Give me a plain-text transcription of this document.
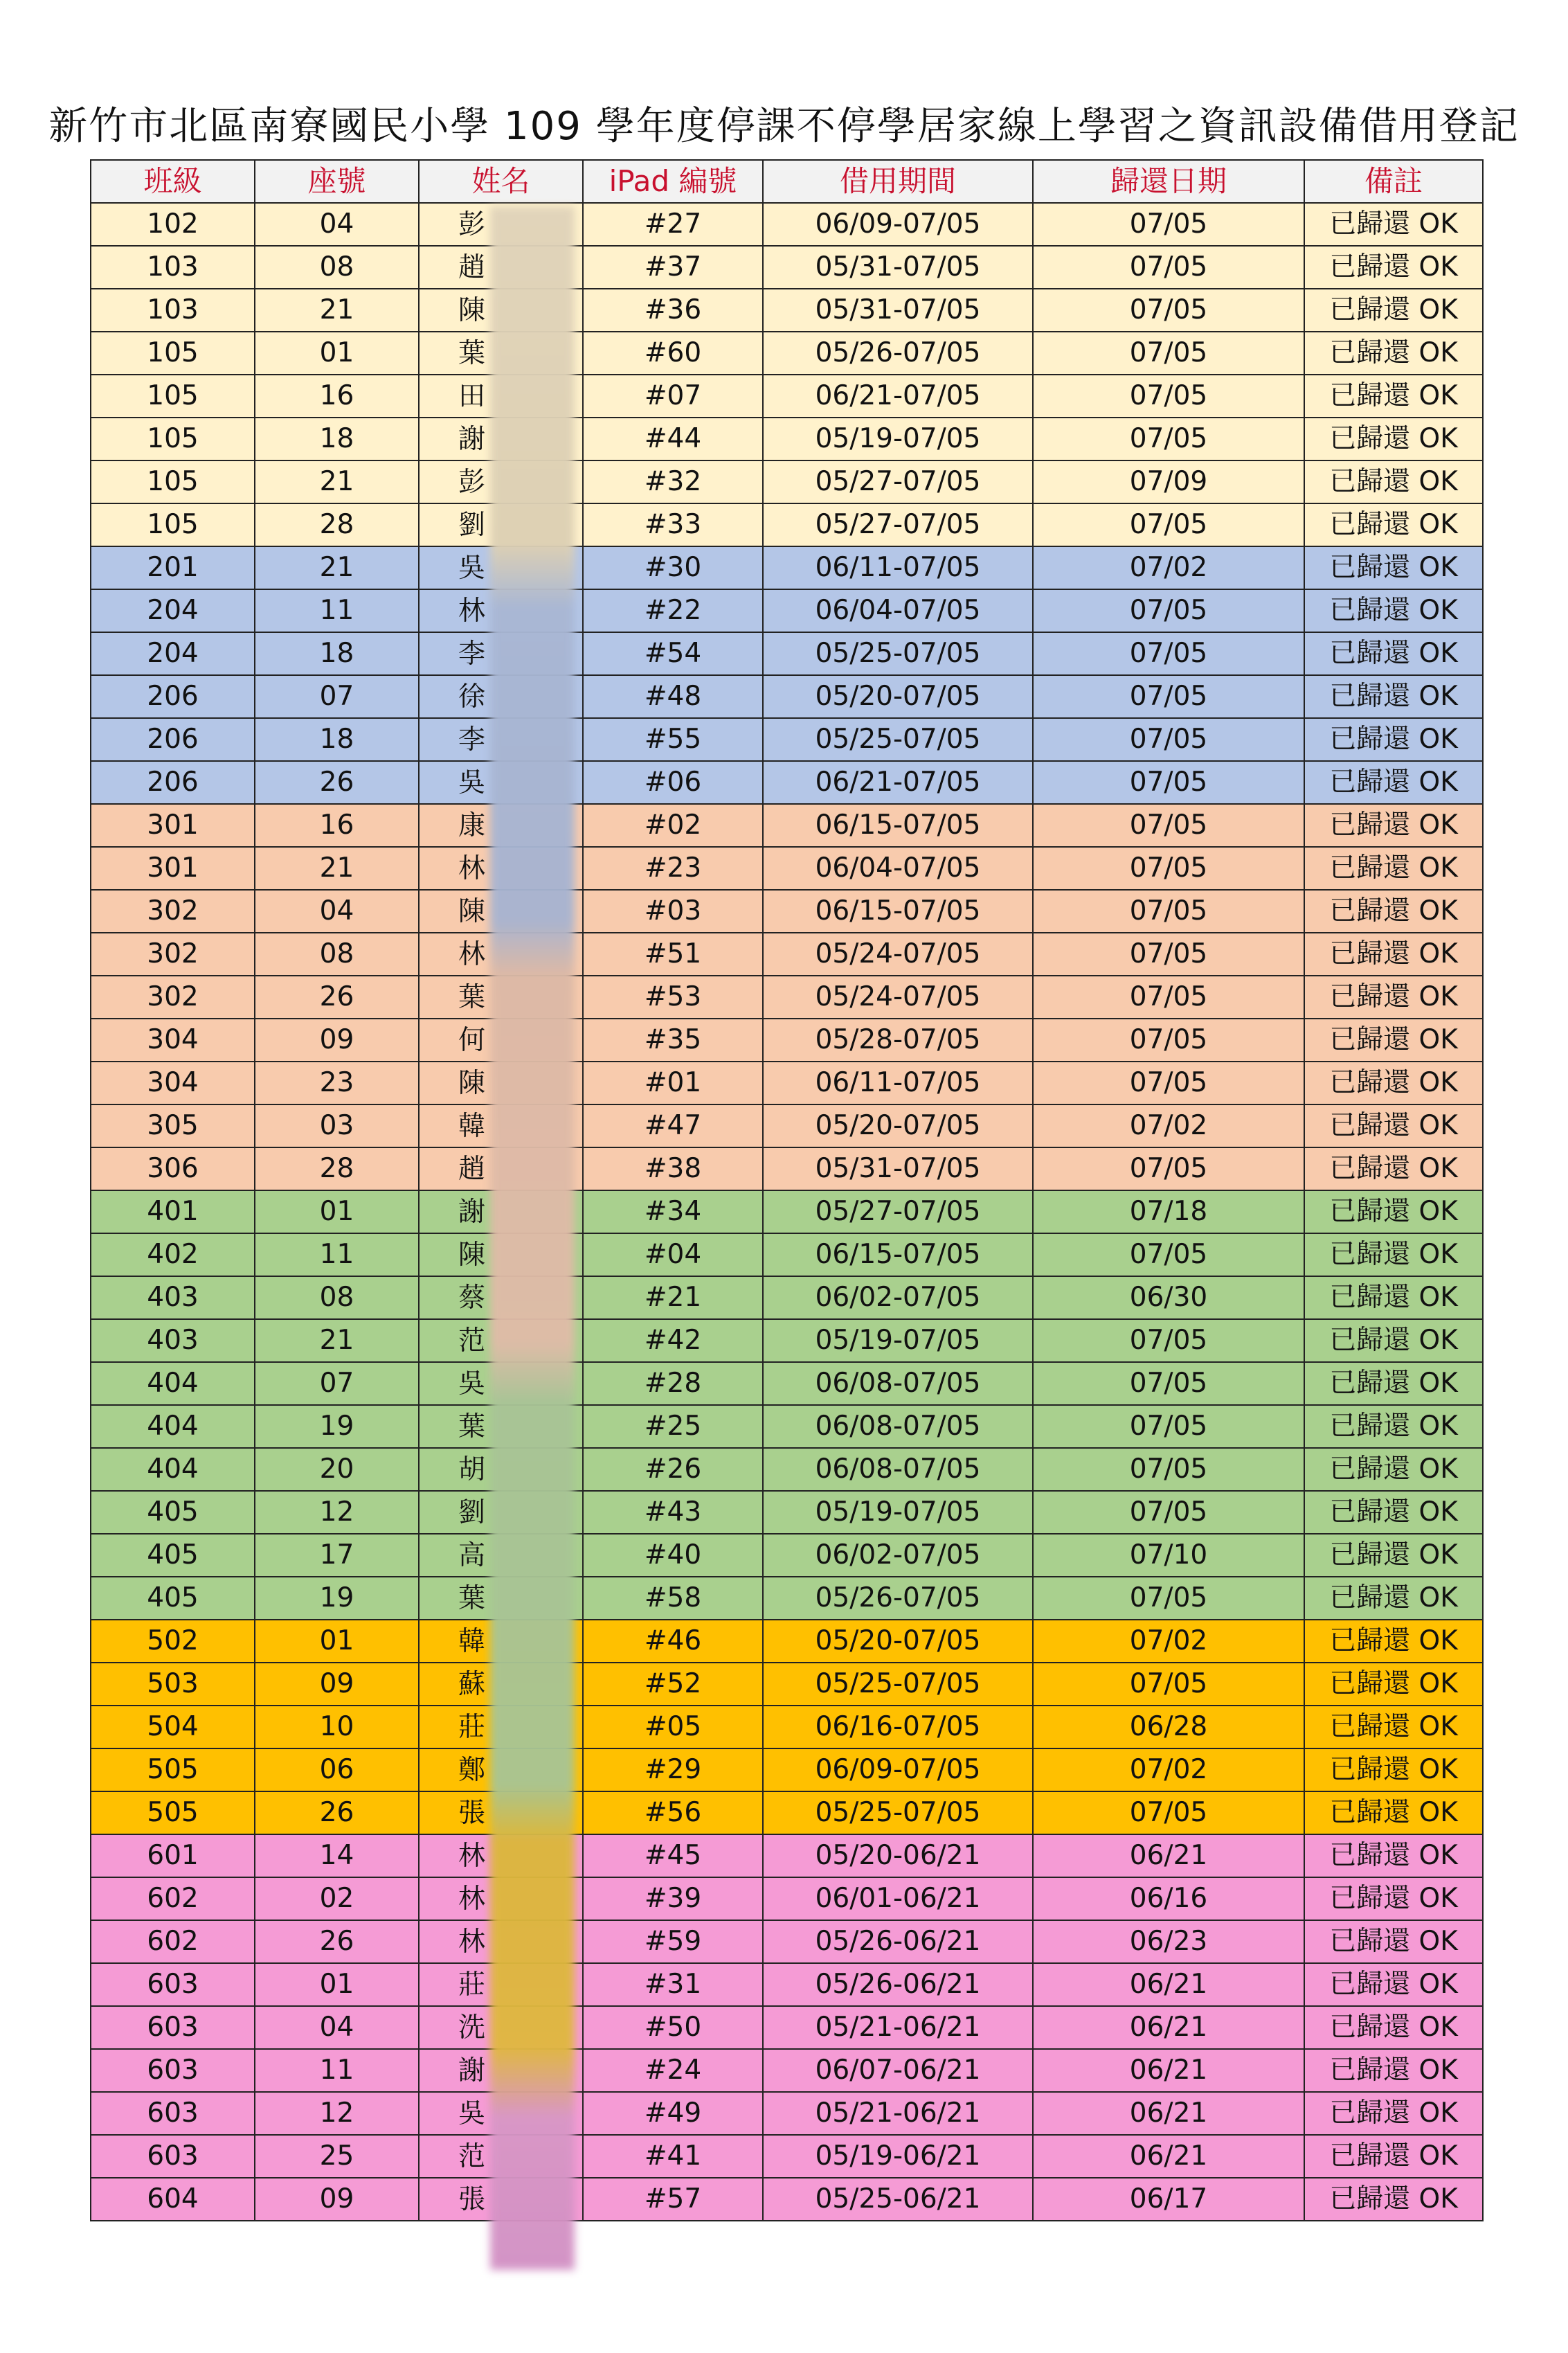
新竹市北區南寮國民小學 109 學年度停課不停學居家線上學習之資訊設備借用登記
班級	座號	姓名	iPad 編號	借用期間	歸還日期	備註
102	04	彭	#27	06/09-07/05	07/05	已歸還 OK
103	08	趙	#37	05/31-07/05	07/05	已歸還 OK
103	21	陳	#36	05/31-07/05	07/05	已歸還 OK
105	01	葉	#60	05/26-07/05	07/05	已歸還 OK
105	16	田	#07	06/21-07/05	07/05	已歸還 OK
105	18	謝	#44	05/19-07/05	07/05	已歸還 OK
105	21	彭	#32	05/27-07/05	07/09	已歸還 OK
105	28	劉	#33	05/27-07/05	07/05	已歸還 OK
201	21	吳	#30	06/11-07/05	07/02	已歸還 OK
204	11	林	#22	06/04-07/05	07/05	已歸還 OK
204	18	李	#54	05/25-07/05	07/05	已歸還 OK
206	07	徐	#48	05/20-07/05	07/05	已歸還 OK
206	18	李	#55	05/25-07/05	07/05	已歸還 OK
206	26	吳	#06	06/21-07/05	07/05	已歸還 OK
301	16	康	#02	06/15-07/05	07/05	已歸還 OK
301	21	林	#23	06/04-07/05	07/05	已歸還 OK
302	04	陳	#03	06/15-07/05	07/05	已歸還 OK
302	08	林	#51	05/24-07/05	07/05	已歸還 OK
302	26	葉	#53	05/24-07/05	07/05	已歸還 OK
304	09	何	#35	05/28-07/05	07/05	已歸還 OK
304	23	陳	#01	06/11-07/05	07/05	已歸還 OK
305	03	韓	#47	05/20-07/05	07/02	已歸還 OK
306	28	趙	#38	05/31-07/05	07/05	已歸還 OK
401	01	謝	#34	05/27-07/05	07/18	已歸還 OK
402	11	陳	#04	06/15-07/05	07/05	已歸還 OK
403	08	蔡	#21	06/02-07/05	06/30	已歸還 OK
403	21	范	#42	05/19-07/05	07/05	已歸還 OK
404	07	吳	#28	06/08-07/05	07/05	已歸還 OK
404	19	葉	#25	06/08-07/05	07/05	已歸還 OK
404	20	胡	#26	06/08-07/05	07/05	已歸還 OK
405	12	劉	#43	05/19-07/05	07/05	已歸還 OK
405	17	高	#40	06/02-07/05	07/10	已歸還 OK
405	19	葉	#58	05/26-07/05	07/05	已歸還 OK
502	01	韓	#46	05/20-07/05	07/02	已歸還 OK
503	09	蘇	#52	05/25-07/05	07/05	已歸還 OK
504	10	莊	#05	06/16-07/05	06/28	已歸還 OK
505	06	鄭	#29	06/09-07/05	07/02	已歸還 OK
505	26	張	#56	05/25-07/05	07/05	已歸還 OK
601	14	林	#45	05/20-06/21	06/21	已歸還 OK
602	02	林	#39	06/01-06/21	06/16	已歸還 OK
602	26	林	#59	05/26-06/21	06/23	已歸還 OK
603	01	莊	#31	05/26-06/21	06/21	已歸還 OK
603	04	洗	#50	05/21-06/21	06/21	已歸還 OK
603	11	謝	#24	06/07-06/21	06/21	已歸還 OK
603	12	吳	#49	05/21-06/21	06/21	已歸還 OK
603	25	范	#41	05/19-06/21	06/21	已歸還 OK
604	09	張	#57	05/25-06/21	06/17	已歸還 OK
